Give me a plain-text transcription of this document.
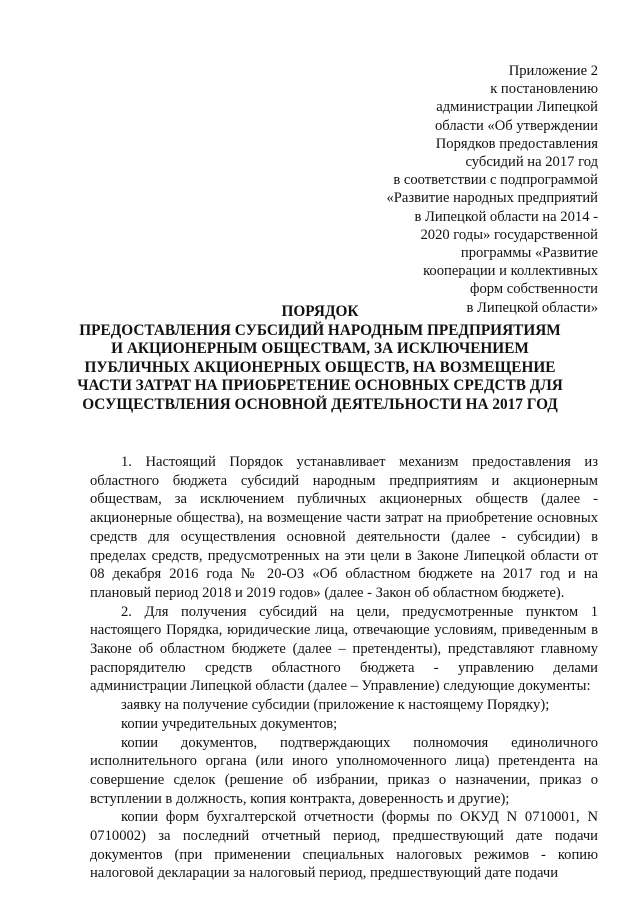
Приложение 2
к постановлению
администрации Липецкой
области «Об утверждении
Порядков предоставления
субсидий на 2017 год
в соответствии с подпрограммой
«Развитие народных предприятий
в Липецкой области на 2014 -
2020 годы» государственной
программы «Развитие
кооперации и коллективных
форм собственности
в Липецкой области»
ПОРЯДОК
ПРЕДОСТАВЛЕНИЯ СУБСИДИЙ НАРОДНЫМ ПРЕДПРИЯТИЯМ
И АКЦИОНЕРНЫМ ОБЩЕСТВАМ, ЗА ИСКЛЮЧЕНИЕМ
ПУБЛИЧНЫХ АКЦИОНЕРНЫХ ОБЩЕСТВ, НА ВОЗМЕЩЕНИЕ
ЧАСТИ ЗАТРАТ НА ПРИОБРЕТЕНИЕ ОСНОВНЫХ СРЕДСТВ ДЛЯ
ОСУЩЕСТВЛЕНИЯ ОСНОВНОЙ ДЕЯТЕЛЬНОСТИ НА 2017 ГОД

1. Настоящий Порядок устанавливает механизм предоставления из областного бюджета субсидий народным предприятиям и акционерным обществам, за исключением публичных акционерных обществ (далее - акционерные общества), на возмещение части затрат на приобретение основных средств для осуществления основной деятельности (далее - субсидии) в пределах средств, предусмотренных на эти цели в Законе Липецкой области от 08 декабря 2016 года № 20-ОЗ «Об областном бюджете на 2017 год и на плановый период 2018 и 2019 годов» (далее - Закон об областном бюджете).

2. Для получения субсидий на цели, предусмотренные пунктом 1 настоящего Порядка, юридические лица, отвечающие условиям, приведенным в Законе об областном бюджете (далее – претенденты), представляют главному распорядителю средств областного бюджета - управлению делами администрации Липецкой области (далее – Управление) следующие документы:

заявку на получение субсидии (приложение к настоящему Порядку);

копии учредительных документов;

копии документов, подтверждающих полномочия единоличного исполнительного органа (или иного уполномоченного лица) претендента на совершение сделок (решение об избрании, приказ о назначении, приказ о вступлении в должность, копия контракта, доверенность и другие);

копии форм бухгалтерской отчетности (формы по ОКУД N 0710001, N 0710002) за последний отчетный период, предшествующий дате подачи документов (при применении специальных налоговых режимов - копию налоговой декларации за налоговый период, предшествующий дате подачи
